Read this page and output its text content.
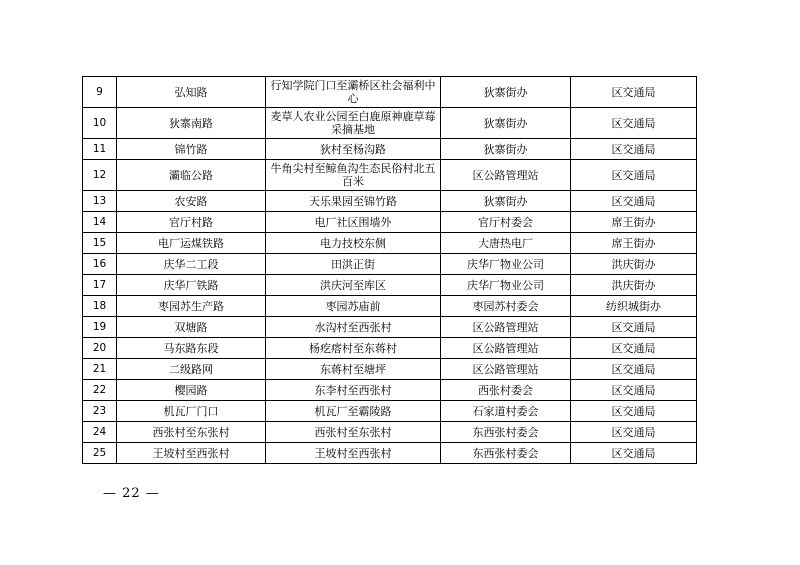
9	弘知路	行知学院门口至灞桥区社会福利中心	狄寨街办	区交通局
10	狄寨南路	麦草人农业公园至白鹿原神鹿草莓采摘基地	狄寨街办	区交通局
11	锦竹路	狄村至杨沟路	狄寨街办	区交通局
12	灞临公路	牛角尖村至鲸鱼沟生态民俗村北五百米	区公路管理站	区交通局
13	农安路	天乐果园至锦竹路	狄寨街办	区交通局
14	官厅村路	电厂社区围墙外	官厅村委会	席王街办
15	电厂运煤铁路	电力技校东侧	大唐热电厂	席王街办
16	庆华二工段	田洪正街	庆华厂物业公司	洪庆街办
17	庆华厂铁路	洪庆河至库区	庆华厂物业公司	洪庆街办
18	枣园苏生产路	枣园苏庙前	枣园苏村委会	纺织城街办
19	双塘路	水沟村至西张村	区公路管理站	区交通局
20	马东路东段	杨疙瘩村至东蒋村	区公路管理站	区交通局
21	二级路网	东蒋村至塘坪	区公路管理站	区交通局
22	樱园路	东李村至西张村	西张村委会	区交通局
23	机瓦厂门口	机瓦厂至霸陵路	石家道村委会	区交通局
24	西张村至东张村	西张村至东张村	东西张村委会	区交通局
25	王坡村至西张村	王坡村至西张村	东西张村委会	区交通局
— 22 —
